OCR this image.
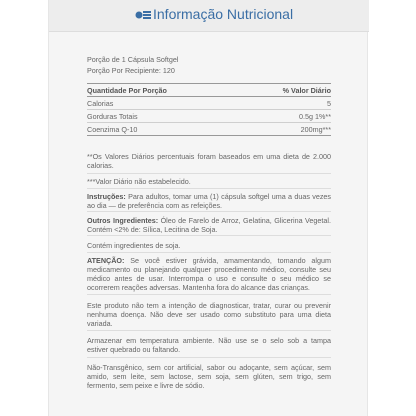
Informação Nutricional
Porção de 1 Cápsula Softgel
Porção Por Recipiente: 120
Quantidade Por Porção	% Valor Diário
Calorias	5
Gorduras Totais	0.5g 1%**
Coenzima Q-10	200mg***
**Os Valores Diários percentuais foram baseados em uma dieta de 2.000 calorias.
***Valor Diário não estabelecido.
Instruções: Para adultos, tomar uma (1) cápsula softgel uma a duas vezes ao dia — de preferência com as refeições.
Outros Ingredientes: Óleo de Farelo de Arroz, Gelatina, Glicerina Vegetal. Contém <2% de: Sílica, Lecitina de Soja.
Contém ingredientes de soja.
ATENÇÃO: Se você estiver grávida, amamentando, tomando algum medicamento ou planejando qualquer procedimento médico, consulte seu médico antes de usar. Interrompa o uso e consulte o seu médico se ocorrerem reações adversas. Mantenha fora do alcance das crianças.
Este produto não tem a intenção de diagnosticar, tratar, curar ou prevenir nenhuma doença. Não deve ser usado como substituto para uma dieta variada.
Armazenar em temperatura ambiente. Não use se o selo sob a tampa estiver quebrado ou faltando.
Não-Transgênico, sem cor artificial, sabor ou adoçante, sem açúcar, sem amido, sem leite, sem lactose, sem soja, sem glúten, sem trigo, sem fermento, sem peixe e livre de sódio.
